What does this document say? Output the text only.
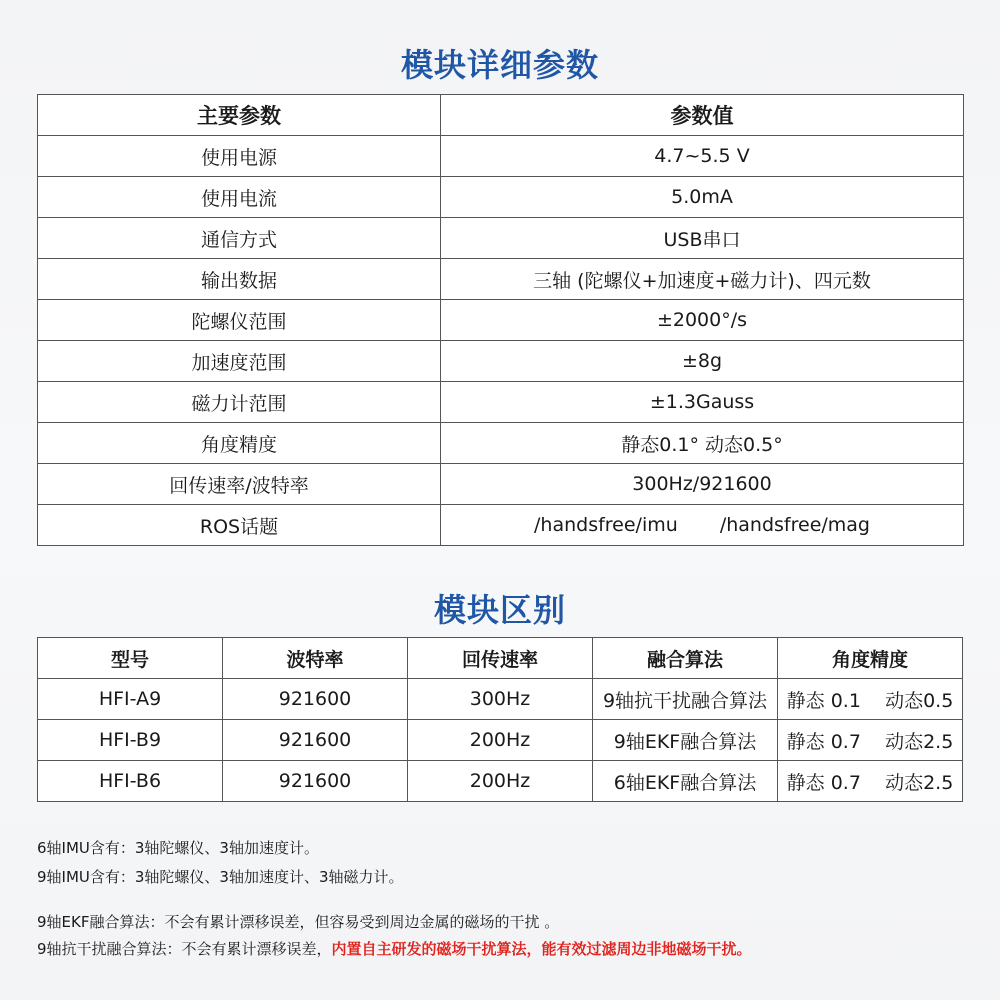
模块详细参数
主要参数	参数值
使用电源	4.7~5.5 V
使用电流	5.0mA
通信方式	USB串口
输出数据	三轴 (陀螺仪+加速度+磁力计)、四元数
陀螺仪范围	±2000°/s
加速度范围	±8g
磁力计范围	±1.3Gauss
角度精度	静态0.1° 动态0.5°
回传速率/波特率	300Hz/921600
ROS话题	/handsfree/imu /handsfree/mag
模块区别
型号	波特率	回传速率	融合算法	角度精度
HFI-A9	921600	300Hz	9轴抗干扰融合算法	静态 0.1    动态0.5
HFI-B9	921600	200Hz	9轴EKF融合算法	静态 0.7    动态2.5
HFI-B6	921600	200Hz	6轴EKF融合算法	静态 0.7    动态2.5
6轴IMU含有：3轴陀螺仪、3轴加速度计。
9轴IMU含有：3轴陀螺仪、3轴加速度计、3轴磁力计。
9轴EKF融合算法：不会有累计漂移误差，但容易受到周边金属的磁场的干扰 。
9轴抗干扰融合算法：不会有累计漂移误差，内置自主研发的磁场干扰算法，能有效过滤周边非地磁场干扰。
